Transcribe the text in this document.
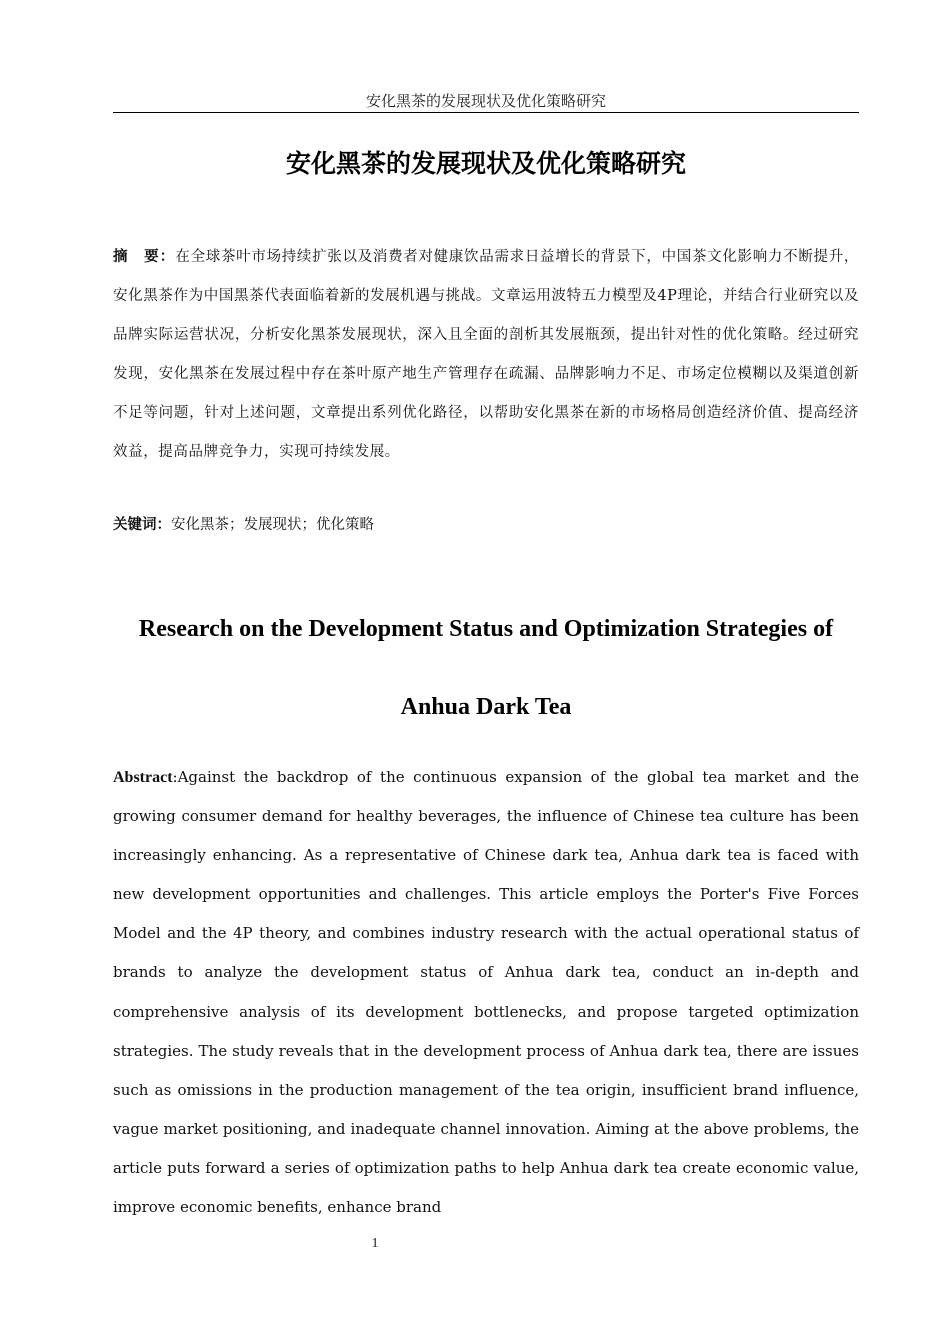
安化黑茶的发展现状及优化策略研究
安化黑茶的发展现状及优化策略研究
摘　要：在全球茶叶市场持续扩张以及消费者对健康饮品需求日益增长的背景下，中国茶文化影响力不断提升，安化黑茶作为中国黑茶代表面临着新的发展机遇与挑战。文章运用波特五力模型及4P理论，并结合行业研究以及品牌实际运营状况，分析安化黑茶发展现状，深入且全面的剖析其发展瓶颈，提出针对性的优化策略。经过研究发现，安化黑茶在发展过程中存在茶叶原产地生产管理存在疏漏、品牌影响力不足、市场定位模糊以及渠道创新不足等问题，针对上述问题，文章提出系列优化路径，以帮助安化黑茶在新的市场格局创造经济价值、提高经济效益，提高品牌竞争力，实现可持续发展。
关键词：安化黑茶；发展现状；优化策略
Research on the Development Status and Optimization Strategies of
Anhua Dark Tea
Abstract:Against the backdrop of the continuous expansion of the global tea market and the growing consumer demand for healthy beverages, the influence of Chinese tea culture has been increasingly enhancing. As a representative of Chinese dark tea, Anhua dark tea is faced with new development opportunities and challenges. This article employs the Porter's Five Forces Model and the 4P theory, and combines industry research with the actual operational status of brands to analyze the development status of Anhua dark tea, conduct an in-depth and comprehensive analysis of its development bottlenecks, and propose targeted optimization strategies. The study reveals that in the development process of Anhua dark tea, there are issues such as omissions in the production management of the tea origin, insufficient brand influence, vague market positioning, and inadequate channel innovation. Aiming at the above problems, the article puts forward a series of optimization paths to help Anhua dark tea create economic value, improve economic benefits, enhance brand
1
